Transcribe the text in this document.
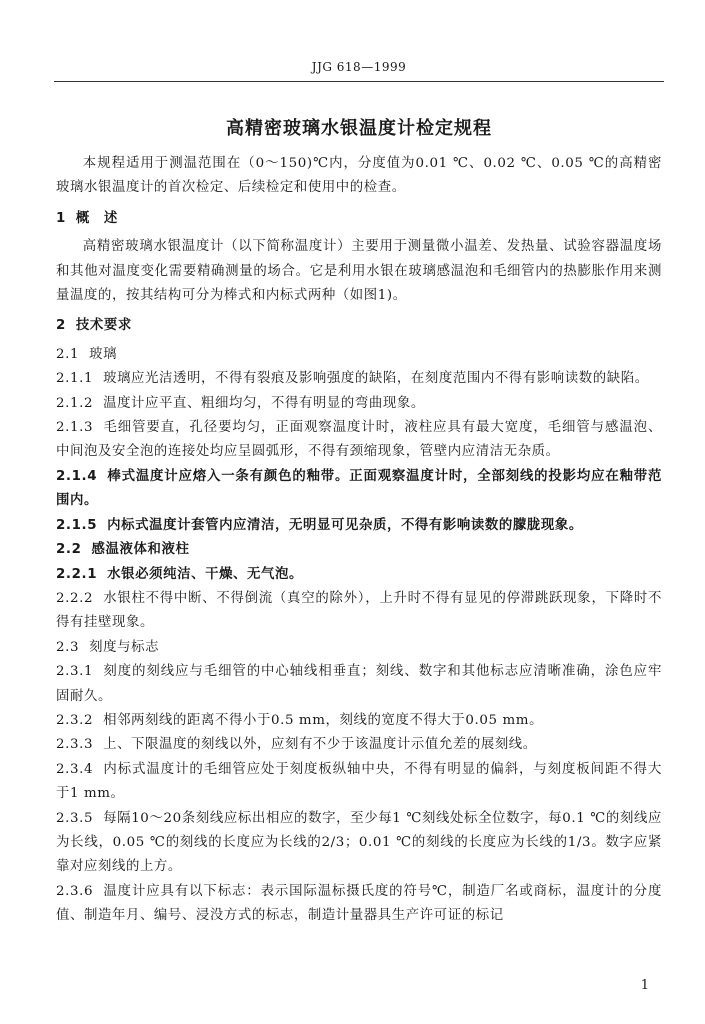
JJG 618—1999
高精密玻璃水银温度计检定规程

本规程适用于测温范围在（0～150)℃内，分度值为0.01 ℃、0.02 ℃、0.05 ℃的高精密玻璃水银温度计的首次检定、后续检定和使用中的检查。

1 概　述

高精密玻璃水银温度计（以下简称温度计）主要用于测量微小温差、发热量、试验容器温度场和其他对温度变化需要精确测量的场合。它是利用水银在玻璃感温泡和毛细管内的热膨胀作用来测量温度的，按其结构可分为棒式和内标式两种（如图1)。

2 技术要求

2.1 玻璃

2.1.1 玻璃应光洁透明，不得有裂痕及影响强度的缺陷，在刻度范围内不得有影响读数的缺陷。

2.1.2 温度计应平直、粗细均匀，不得有明显的弯曲现象。

2.1.3 毛细管要直，孔径要均匀，正面观察温度计时，液柱应具有最大宽度，毛细管与感温泡、中间泡及安全泡的连接处均应呈圆弧形，不得有颈缩现象，管壁内应清洁无杂质。

2.1.4 棒式温度计应熔入一条有颜色的釉带。正面观察温度计时，全部刻线的投影均应在釉带范围内。

2.1.5 内标式温度计套管内应清洁，无明显可见杂质，不得有影响读数的朦胧现象。

2.2 感温液体和液柱

2.2.1 水银必须纯洁、干燥、无气泡。

2.2.2 水银柱不得中断、不得倒流（真空的除外），上升时不得有显见的停滞跳跃现象，下降时不得有挂壁现象。

2.3 刻度与标志

2.3.1 刻度的刻线应与毛细管的中心轴线相垂直；刻线、数字和其他标志应清晰准确，涂色应牢固耐久。

2.3.2 相邻两刻线的距离不得小于0.5 mm，刻线的宽度不得大于0.05 mm。

2.3.3 上、下限温度的刻线以外，应刻有不少于该温度计示值允差的展刻线。

2.3.4 内标式温度计的毛细管应处于刻度板纵轴中央，不得有明显的偏斜，与刻度板间距不得大于1 mm。

2.3.5 每隔10～20条刻线应标出相应的数字，至少每1 ℃刻线处标全位数字，每0.1 ℃的刻线应为长线，0.05 ℃的刻线的长度应为长线的2/3；0.01 ℃的刻线的长度应为长线的1/3。数字应紧靠对应刻线的上方。

2.3.6 温度计应具有以下标志：表示国际温标摄氏度的符号℃，制造厂名或商标，温度计的分度值、制造年月、编号、浸没方式的标志，制造计量器具生产许可证的标记

1
